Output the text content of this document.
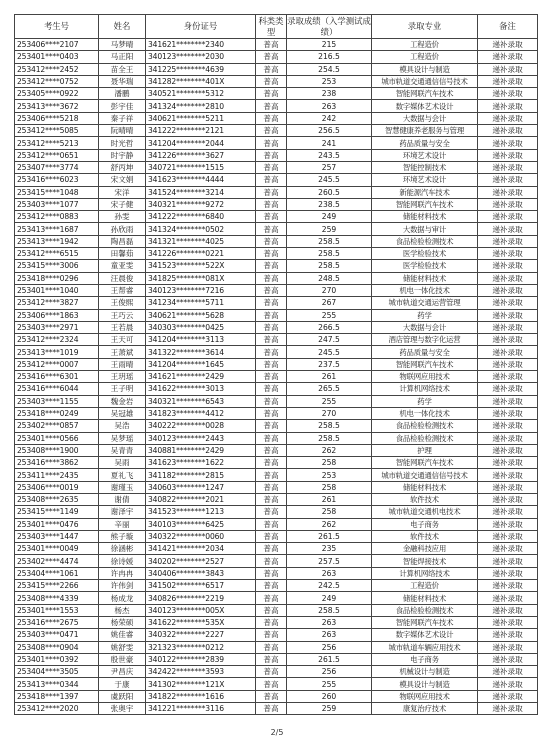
考生号	姓名	身份证号	科类类型	录取成绩（入学测试成绩）	录取专业	备注
253406****2107	马梦晴	341621********2340	普高	215	工程造价	递补录取
253401****0403	马正阳	340123********2030	普高	216.5	工程造价	递补录取
253412****2452	苗全王	341225********4639	普高	254.5	模具设计与制造	递补录取
253412****0752	聂华瑞	341282********401X	普高	253	城市轨道交通通信信号技术	递补录取
253405****0922	潘鹏	340521********5312	普高	238	智能网联汽车技术	递补录取
253413****3672	彭宇佳	341324********2810	普高	263	数字媒体艺术设计	递补录取
253406****5218	秦子祥	340621********5211	普高	242	大数据与会计	递补录取
253412****5085	阮晴晴	341222********2121	普高	256.5	智慧健康养老服务与管理	递补录取
253412****5213	时光哲	341204********2044	普高	241	药品质量与安全	递补录取
253412****0651	时宇静	341226********3627	普高	243.5	环境艺术设计	递补录取
253407****3774	舒丙坤	340721********1515	普高	257	智能控制技术	递补录取
253416****6023	宋文娟	341623********4444	普高	245.5	环境艺术设计	递补录取
253415****1048	宋洋	341524********3214	普高	260.5	新能源汽车技术	递补录取
253403****1077	宋子健	340321********9272	普高	238.5	智能网联汽车技术	递补录取
253412****0883	孙雯	341222********6840	普高	249	储能材料技术	递补录取
253413****1687	孙欣雨	341324********0502	普高	259	大数据与审计	递补录取
253413****1942	陶昌磊	341321********4025	普高	258.5	食品检验检测技术	递补录取
253412****6515	田馨茹	341226********0221	普高	258.5	医学检验技术	递补录取
253415****3006	童亚雯	341523********522X	普高	258.5	医学检验技术	递补录取
253418****0296	汪晨俊	341825********081X	普高	248.5	储能材料技术	递补录取
253401****1040	王帮睿	340123********7216	普高	270	机电一体化技术	递补录取
253412****3827	王俊熙	341234********5711	普高	267	城市轨道交通运营管理	递补录取
253406****1863	王巧云	340621********5628	普高	255	药学	递补录取
253403****2971	王若晨	340303********0425	普高	266.5	大数据与会计	递补录取
253412****2324	王天可	341204********3113	普高	247.5	酒店管理与数字化运营	递补录取
253413****1019	王萧斌	341322********3614	普高	245.5	药品质量与安全	递补录取
253412****0007	王雨晴	341204********1645	普高	237.5	智能网联汽车技术	递补录取
253416****6301	王玥瑶	341621********2429	普高	261	物联网应用技术	递补录取
253416****6044	王子明	341622********3013	普高	265.5	计算机网络技术	递补录取
253403****1155	魏金岩	340321********6543	普高	255	药学	递补录取
253418****0249	吴冠雄	341823********4412	普高	270	机电一体化技术	递补录取
253402****0857	吴浩	340222********0028	普高	258.5	食品检验检测技术	递补录取
253401****0566	吴梦瑶	340123********2443	普高	258.5	食品检验检测技术	递补录取
253408****1900	吴青青	340881********2429	普高	262	护理	递补录取
253416****3862	吴雨	341623********1622	普高	258	智能网联汽车技术	递补录取
253411****2435	夏礼飞	341182********2815	普高	253	城市轨道交通通信信号技术	递补录取
253406****0019	谢瑾玉	340603********1247	普高	258	储能材料技术	递补录取
253408****2635	谢倩	340822********2021	普高	261	软件技术	递补录取
253415****1149	谢泽宇	341523********1213	普高	258	城市轨道交通机电技术	递补录取
253401****0476	辛丽	340103********6425	普高	262	电子商务	递补录取
253403****1447	熊子璇	340322********0060	普高	261.5	软件技术	递补录取
253401****0049	徐涵彬	341421********2034	普高	235	金融科技应用	递补录取
253402****4474	徐诗媛	340202********2527	普高	257.5	智能焊接技术	递补录取
253404****1061	许冉冉	340406********3843	普高	263	计算机网络技术	递补录取
253415****2266	许伟剑	341502********6517	普高	242.5	工程造价	递补录取
253408****4339	杨成龙	340826********2219	普高	249	储能材料技术	递补录取
253401****1553	杨杰	340123********005X	普高	258.5	食品检验检测技术	递补录取
253416****2675	杨荣硕	341622********535X	普高	263	智能网联汽车技术	递补录取
253403****0471	姚佳睿	340322********2227	普高	263	数字媒体艺术设计	递补录取
253408****0904	姚舒雯	321323********0212	普高	256	城市轨道车辆应用技术	递补录取
253401****0392	殷世豪	340122********2839	普高	261.5	电子商务	递补录取
253404****3505	尹昌庆	342422********3593	普高	256	机械设计与制造	递补录取
253413****0344	于康	341302********121X	普高	255	模具设计与制造	递补录取
253418****1397	虞跃阳	341822********1616	普高	260	物联网应用技术	递补录取
253412****2020	张奥宇	341221********3116	普高	259	康复治疗技术	递补录取
2/5
